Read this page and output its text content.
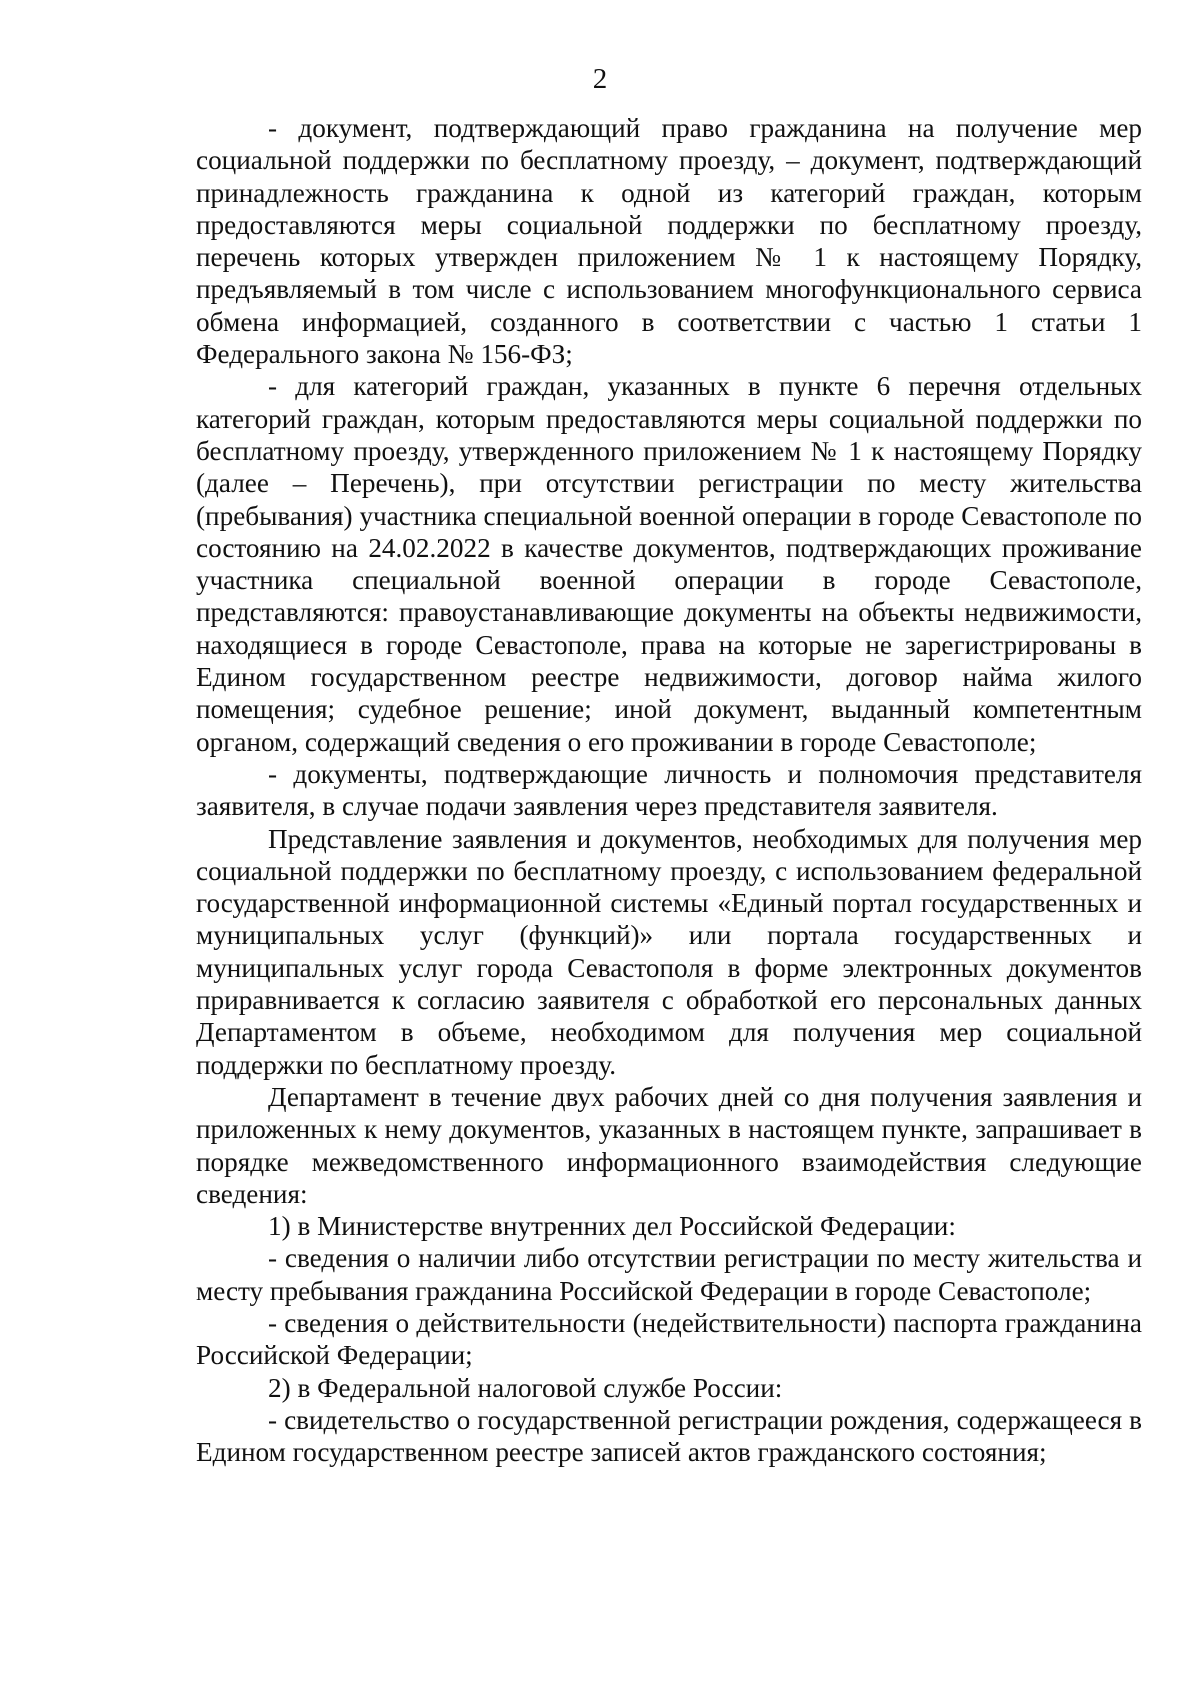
2

- документ, подтверждающий право гражданина на получение мер социальной поддержки по бесплатному проезду, – документ, подтверждающий принадлежность гражданина к одной из категорий граждан, которым предоставляются меры социальной поддержки по бесплатному проезду, перечень которых утвержден приложением № 1 к настоящему Порядку, предъявляемый в том числе с использованием многофункционального сервиса обмена информацией, созданного в соответствии с частью 1 статьи 1 Федерального закона № 156-ФЗ;

- для категорий граждан, указанных в пункте 6 перечня отдельных категорий граждан, которым предоставляются меры социальной поддержки по бесплатному проезду, утвержденного приложением № 1 к настоящему Порядку (далее – Перечень), при отсутствии регистрации по месту жительства (пребывания) участника специальной военной операции в городе Севастополе по состоянию на 24.02.2022 в качестве документов, подтверждающих проживание участника специальной военной операции в городе Севастополе, представляются: правоустанавливающие документы на объекты недвижимости, находящиеся в городе Севастополе, права на которые не зарегистрированы в Едином государственном реестре недвижимости, договор найма жилого помещения; судебное решение; иной документ, выданный компетентным органом, содержащий сведения о его проживании в городе Севастополе;

- документы, подтверждающие личность и полномочия представителя заявителя, в случае подачи заявления через представителя заявителя.

Представление заявления и документов, необходимых для получения мер социальной поддержки по бесплатному проезду, с использованием федеральной государственной информационной системы «Единый портал государственных и муниципальных услуг (функций)» или портала государственных и муниципальных услуг города Севастополя в форме электронных документов приравнивается к согласию заявителя с обработкой его персональных данных Департаментом в объеме, необходимом для получения мер социальной поддержки по бесплатному проезду.

Департамент в течение двух рабочих дней со дня получения заявления и приложенных к нему документов, указанных в настоящем пункте, запрашивает в порядке межведомственного информационного взаимодействия следующие сведения:

1) в Министерстве внутренних дел Российской Федерации:

- сведения о наличии либо отсутствии регистрации по месту жительства и месту пребывания гражданина Российской Федерации в городе Севастополе;

- сведения о действительности (недействительности) паспорта гражданина Российской Федерации;

2) в Федеральной налоговой службе России:

- свидетельство о государственной регистрации рождения, содержащееся в Едином государственном реестре записей актов гражданского состояния;
